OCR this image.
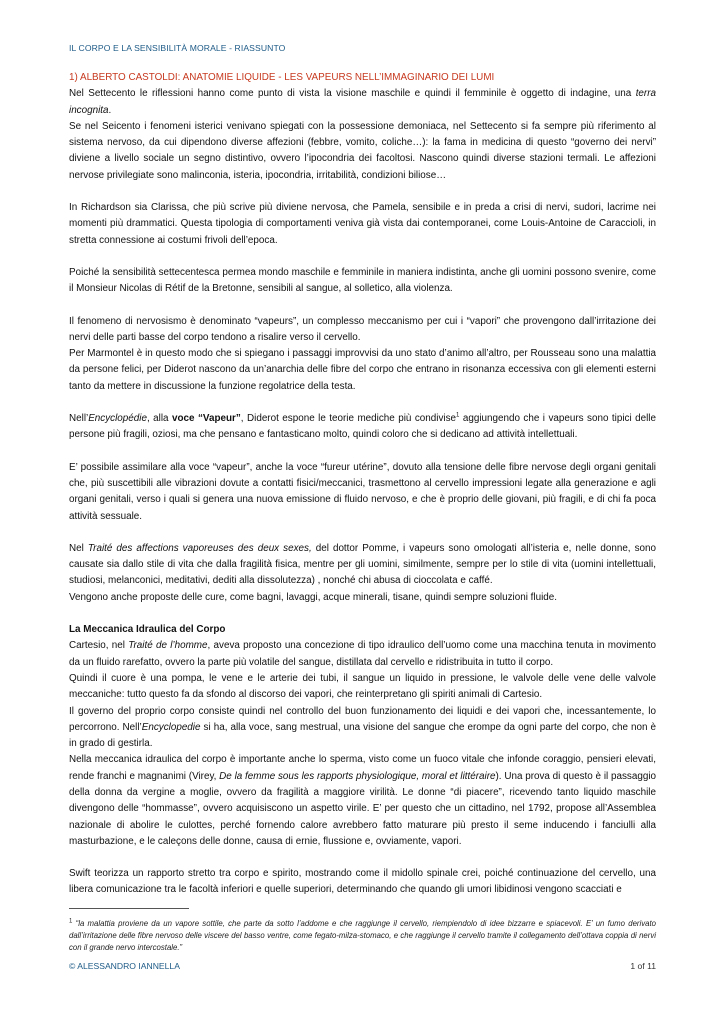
IL CORPO E LA SENSIBILITÀ MORALE - RIASSUNTO
1) ALBERTO CASTOLDI: ANATOMIE LIQUIDE - LES VAPEURS NELL’IMMAGINARIO DEI LUMI

Nel Settecento le riflessioni hanno come punto di vista la visione maschile e quindi il femminile è oggetto di indagine, una terra incognita.

Se nel Seicento i fenomeni isterici venivano spiegati con la possessione demoniaca, nel Settecento si fa sempre più riferimento al sistema nervoso, da cui dipendono diverse affezioni (febbre, vomito, coliche…): la fama in medicina di questo “governo dei nervi” diviene a livello sociale un segno distintivo, ovvero l’ipocondria dei facoltosi. Nascono quindi diverse stazioni termali. Le affezioni nervose privilegiate sono malinconia, isteria, ipocondria, irritabilità, condizioni biliose…

In Richardson sia Clarissa, che più scrive più diviene nervosa, che Pamela, sensibile e in preda a crisi di nervi, sudori, lacrime nei momenti più drammatici. Questa tipologia di comportamenti veniva già vista dai contemporanei, come Louis-Antoine de Caraccioli, in stretta connessione ai costumi frivoli dell’epoca.

Poiché la sensibilità settecentesca permea mondo maschile e femminile in maniera indistinta, anche gli uomini possono svenire, come il Monsieur Nicolas di Rétif de la Bretonne, sensibili al sangue, al solletico, alla violenza.

Il fenomeno di nervosismo è denominato “vapeurs”, un complesso meccanismo per cui i “vapori” che provengono dall’irritazione dei nervi delle parti basse del corpo tendono a risalire verso il cervello.

Per Marmontel è in questo modo che si spiegano i passaggi improvvisi da uno stato d’animo all’altro, per Rousseau sono una malattia da persone felici, per Diderot nascono da un’anarchia delle fibre del corpo che entrano in risonanza eccessiva con gli elementi esterni tanto da mettere in discussione la funzione regolatrice della testa.

Nell’Encyclopédie, alla voce “Vapeur”, Diderot espone le teorie mediche più condivise$^1$ aggiungendo che i vapeurs sono tipici delle persone più fragili, oziosi, ma che pensano e fantasticano molto, quindi coloro che si dedicano ad attività intellettuali.

E’ possibile assimilare alla voce “vapeur”, anche la voce “fureur utérine”, dovuto alla tensione delle fibre nervose degli organi genitali che, più suscettibili alle vibrazioni dovute a contatti fisici/meccanici, trasmettono al cervello impressioni legate alla generazione e agli organi genitali, verso i quali si genera una nuova emissione di fluido nervoso, e che è proprio delle giovani, più fragili, e di chi fa poca attività sessuale.

Nel Traité des affections vaporeuses des deux sexes, del dottor Pomme, i vapeurs sono omologati all’isteria e, nelle donne, sono causate sia dallo stile di vita che dalla fragilità fisica, mentre per gli uomini, similmente, sempre per lo stile di vita (uomini intellettuali, studiosi, melanconici, meditativi, dediti alla dissolutezza) , nonché chi abusa di cioccolata e caffé.

Vengono anche proposte delle cure, come bagni, lavaggi, acque minerali, tisane, quindi sempre soluzioni fluide.

La Meccanica Idraulica del Corpo

Cartesio, nel Traité de l’homme, aveva proposto una concezione di tipo idraulico dell’uomo come una macchina tenuta in movimento da un fluido rarefatto, ovvero la parte più volatile del sangue, distillata dal cervello e ridistribuita in tutto il corpo.

Quindi il cuore è una pompa, le vene e le arterie dei tubi, il sangue un liquido in pressione, le valvole delle vene delle valvole meccaniche: tutto questo fa da sfondo al discorso dei vapori, che reinterpretano gli spiriti animali di Cartesio.

Il governo del proprio corpo consiste quindi nel controllo del buon funzionamento dei liquidi e dei vapori che, incessantemente, lo percorrono. Nell’Encyclopedie si ha, alla voce, sang mestrual, una visione del sangue che erompe da ogni parte del corpo, che non è in grado di gestirla.

Nella meccanica idraulica del corpo è importante anche lo sperma, visto come un fuoco vitale che infonde coraggio, pensieri elevati, rende franchi e magnanimi (Virey, De la femme sous les rapports physiologique, moral et littéraire). Una prova di questo è il passaggio della donna da vergine a moglie, ovvero da fragilità a maggiore virilità. Le donne “di piacere”, ricevendo tanto liquido maschile divengono delle “hommasse”, ovvero acquisiscono un aspetto virile. E’ per questo che un cittadino, nel 1792, propose all’Assemblea nazionale di abolire le culottes, perché fornendo calore avrebbero fatto maturare più presto il seme inducendo i fanciulli alla masturbazione, e le caleçons delle donne, causa di ernie, flussione e, ovviamente, vapori.

Swift teorizza un rapporto stretto tra corpo e spirito, mostrando come il midollo spinale crei, poiché continuazione del cervello, una libera comunicazione tra le facoltà inferiori e quelle superiori, determinando che quando gli umori libidinosi vengono scacciati e

$^1$ “la malattia proviene da un vapore sottile, che parte da sotto l’addome e che raggiunge il cervello, riempiendolo di idee bizzarre e spiacevoli. E’ un fumo derivato dall’irritazione delle fibre nervoso delle viscere del basso ventre, come fegato-milza-stomaco, e che raggiunge il cervello tramite il collegamento dell’ottava coppia di nervi con il grande nervo intercostale.”
© ALESSANDRO IANNELLA	1 of 11
